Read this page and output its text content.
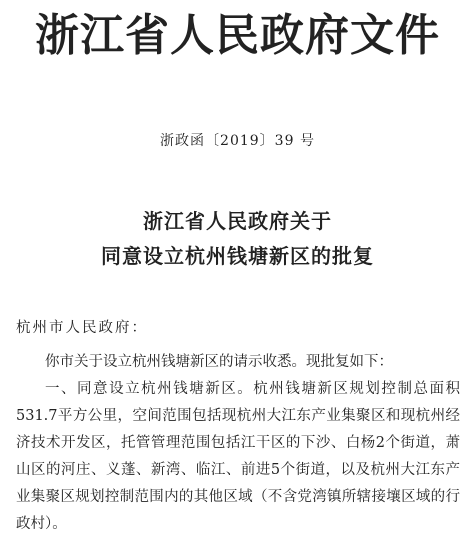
浙江省人民政府文件
浙政函〔2019〕39 号
浙江省人民政府关于
同意设立杭州钱塘新区的批复
杭州市人民政府：

你市关于设立杭州钱塘新区的请示收悉。现批复如下：

一、同意设立杭州钱塘新区。杭州钱塘新区规划控制总面积531.7平方公里，空间范围包括现杭州大江东产业集聚区和现杭州经济技术开发区，托管管理范围包括江干区的下沙、白杨2个街道，萧山区的河庄、义蓬、新湾、临江、前进5个街道，以及杭州大江东产业集聚区规划控制范围内的其他区域（不含党湾镇所辖接壤区域的行政村）。
